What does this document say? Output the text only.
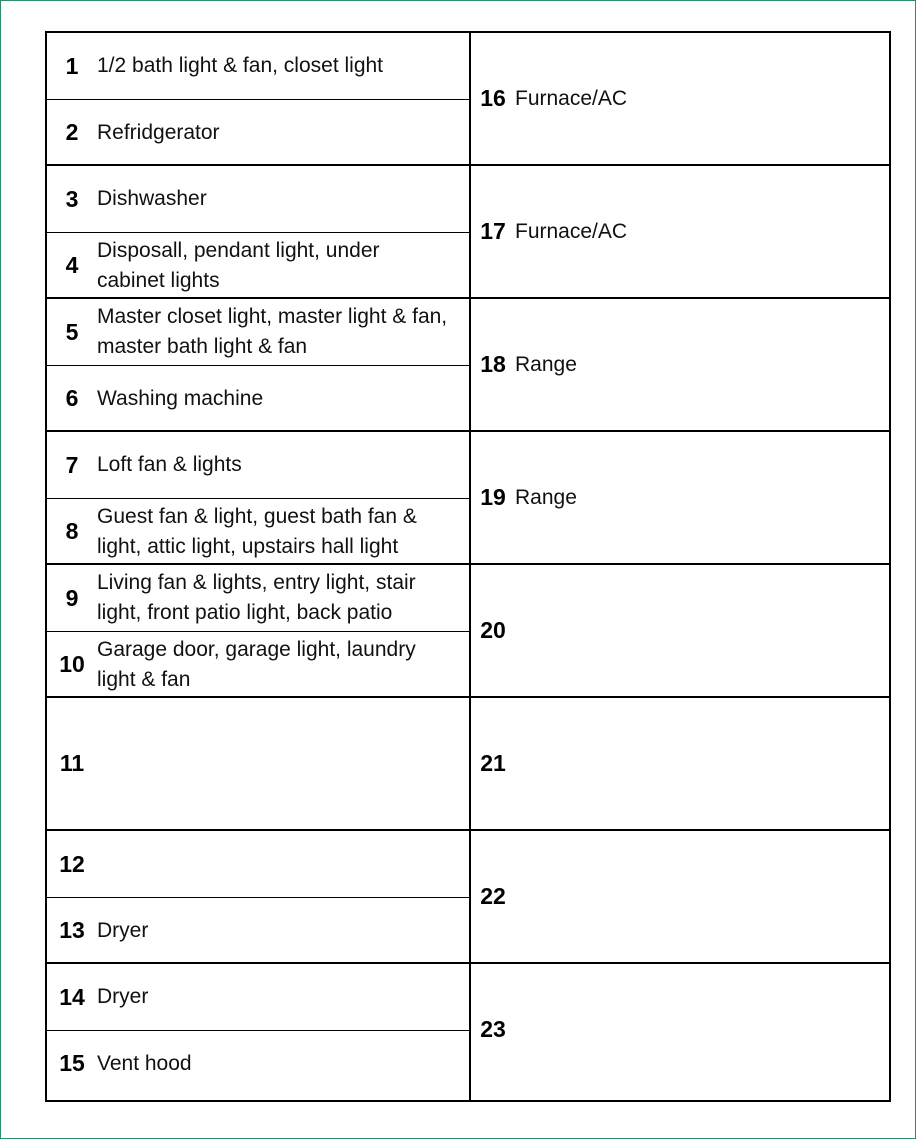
1 1/2 bath light & fan, closet light
2 Refridgerator
3 Dishwasher
4
Disposall, pendant light, under cabinet lights
5
Master closet light, master light & fan, master bath light & fan
6 Washing machine
7 Loft fan & lights
8
Guest fan & light, guest bath fan & light, attic light, upstairs hall light
9
Living fan & lights, entry light, stair light, front patio light, back patio
10
Garage door, garage light, laundry light & fan
11
12
13 Dryer
14 Dryer
15 Vent hood
16 Furnace/AC
17 Furnace/AC
18 Range
19 Range
20
21
22
23
